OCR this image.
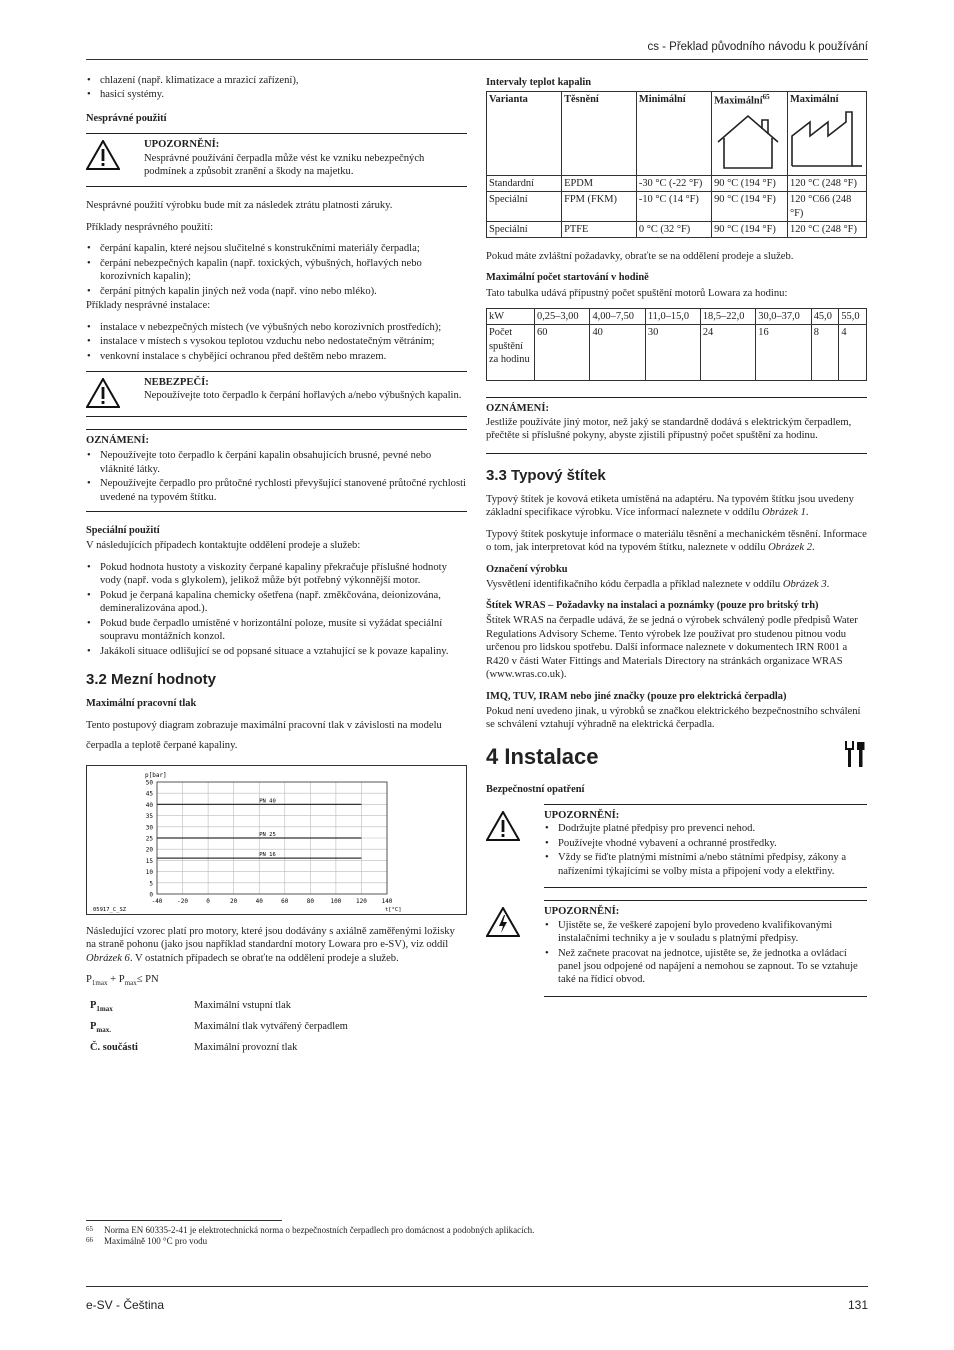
cs - Překlad původního návodu k používání
• chlazení (např. klimatizace a mrazicí zařízení),
• hasicí systémy.
Nesprávné použití
UPOZORNĚNÍ:
Nesprávné používání čerpadla může vést ke vzniku nebezpečných podmínek a způsobit zranění a škody na majetku.

Nesprávné použití výrobku bude mít za následek ztrátu platnosti záruky.

Příklady nesprávného použití:

• čerpání kapalin, které nejsou slučitelné s konstrukčními materiály čerpadla;
• čerpání nebezpečných kapalin (např. toxických, výbušných, hořlavých nebo korozivních kapalin);
• čerpání pitných kapalin jiných než voda (např. víno nebo mléko).

Příklady nesprávné instalace:

• instalace v nebezpečných místech (ve výbušných nebo korozivních prostředích);
• instalace v místech s vysokou teplotou vzduchu nebo nedostatečným větráním;
• venkovní instalace s chybějící ochranou před deštěm nebo mrazem.
NEBEZPEČÍ:
Nepoužívejte toto čerpadlo k čerpání hořlavých a/nebo výbušných kapalin.
OZNÁMENÍ:
• Nepoužívejte toto čerpadlo k čerpání kapalin obsahujících brusné, pevné nebo vláknité látky.
• Nepoužívejte čerpadlo pro průtočné rychlosti převyšující stanovené průtočné rychlosti uvedené na typovém štítku.
Speciální použití

V následujících případech kontaktujte oddělení prodeje a služeb:

• Pokud hodnota hustoty a viskozity čerpané kapaliny překračuje příslušné hodnoty vody (např. voda s glykolem), jelikož může být potřebný výkonnější motor.
• Pokud je čerpaná kapalina chemicky ošetřena (např. změkčována, deionizována, demineralizována apod.).
• Pokud bude čerpadlo umístěné v horizontální poloze, musíte si vyžádat speciální soupravu montážních konzol.
• Jakákoli situace odlišující se od popsané situace a vztahující se k povaze kapaliny.
3.2 Mezní hodnoty
Maximální pracovní tlak

Tento postupový diagram zobrazuje maximální pracovní tlak v závislosti na modelu čerpadla a teplotě čerpané kapaliny.

0
5
10
15
20
25
30
35
40
45
50
-40 -20	0	20	40	60	80	100 120 140
p[bar]
t[°C]
05917_C_SZ
PN 40
PN 25
PN 16

Následující vzorec platí pro motory, které jsou dodávány s axiálně zaměřenými ložisky na straně pohonu (jako jsou například standardní motory Lowara pro e-SV), viz oddíl Obrázek 6. V ostatních případech se obraťte na oddělení prodeje a služeb.

$P_{1max} + P_{max}\le$ PN

$P_{1max}$	Maximální vstupní tlak
$P_{max.}$	Maximální tlak vytvářený čerpadlem
Č. součásti	Maximální provozní tlak
Intervaly teplot kapalin
Varianta	Těsnění	Minimální	Maximální$^{65}$	Maximální

Standardní	EPDM	-30 °C (-22 °F)	90 °C (194 °F)	120 °C (248 °F)
Speciální	FPM (FKM)	-10 °C (14 °F)	90 °C (194 °F)	120 °C66 (248 °F)
Speciální	PTFE	0 °C (32 °F)	90 °C (194 °F)	120 °C (248 °F)

Pokud máte zvláštní požadavky, obraťte se na oddělení prodeje a služeb.

Maximální počet startování v hodině

Tato tabulka udává přípustný počet spuštění motorů Lowara za hodinu:

kW	0,25–3,00	4,00–7,50	11,0–15,0	18,5–22,0	30,0–37,0	45,0	55,0
Počet spuštění za hodinu	60	40	30	24	16	8	4
OZNÁMENÍ:
Jestliže používáte jiný motor, než jaký se standardně dodává s elektrickým čerpadlem, přečtěte si příslušné pokyny, abyste zjistili přípustný počet spuštění za hodinu.
3.3 Typový štítek

Typový štítek je kovová etiketa umístěná na adaptéru. Na typovém štítku jsou uvedeny základní specifikace výrobku. Více informací naleznete v oddílu Obrázek 1.

Typový štítek poskytuje informace o materiálu těsnění a mechanickém těsnění. Informace o tom, jak interpretovat kód na typovém štítku, naleznete v oddílu Obrázek 2.

Označení výrobku

Vysvětlení identifikačního kódu čerpadla a příklad naleznete v oddílu Obrázek 3.

Štítek WRAS – Požadavky na instalaci a poznámky (pouze pro britský trh)

Štítek WRAS na čerpadle udává, že se jedná o výrobek schválený podle předpisů Water Regulations Advisory Scheme. Tento výrobek lze používat pro studenou pitnou vodu určenou pro lidskou spotřebu. Další informace naleznete v dokumentech IRN R001 a R420 v části Water Fittings and Materials Directory na stránkách organizace WRAS (www.wras.co.uk).

IMQ, TUV, IRAM nebo jiné značky (pouze pro elektrická čerpadla)

Pokud není uvedeno jinak, u výrobků se značkou elektrického bezpečnostního schválení se schválení vztahují výhradně na elektrická čerpadla.

4 Instalace
Bezpečnostní opatření
UPOZORNĚNÍ:
• Dodržujte platné předpisy pro prevenci nehod.
• Používejte vhodné vybavení a ochranné prostředky.
• Vždy se řiďte platnými místními a/nebo státními předpisy, zákony a nařízeními týkajícími se volby místa a připojení vody a elektřiny.
UPOZORNĚNÍ:
• Ujistěte se, že veškeré zapojení bylo provedeno kvalifikovanými instalačními techniky a je v souladu s platnými předpisy.
• Než začnete pracovat na jednotce, ujistěte se, že jednotka a ovládací panel jsou odpojené od napájení a nemohou se zapnout. To se vztahuje také na řídicí obvod.
65	Norma EN 60335-2-41 je elektrotechnická norma o bezpečnostních čerpadlech pro domácnost a podobných aplikacích.
66	Maximálně 100 °C pro vodu
e-SV - Čeština	131
